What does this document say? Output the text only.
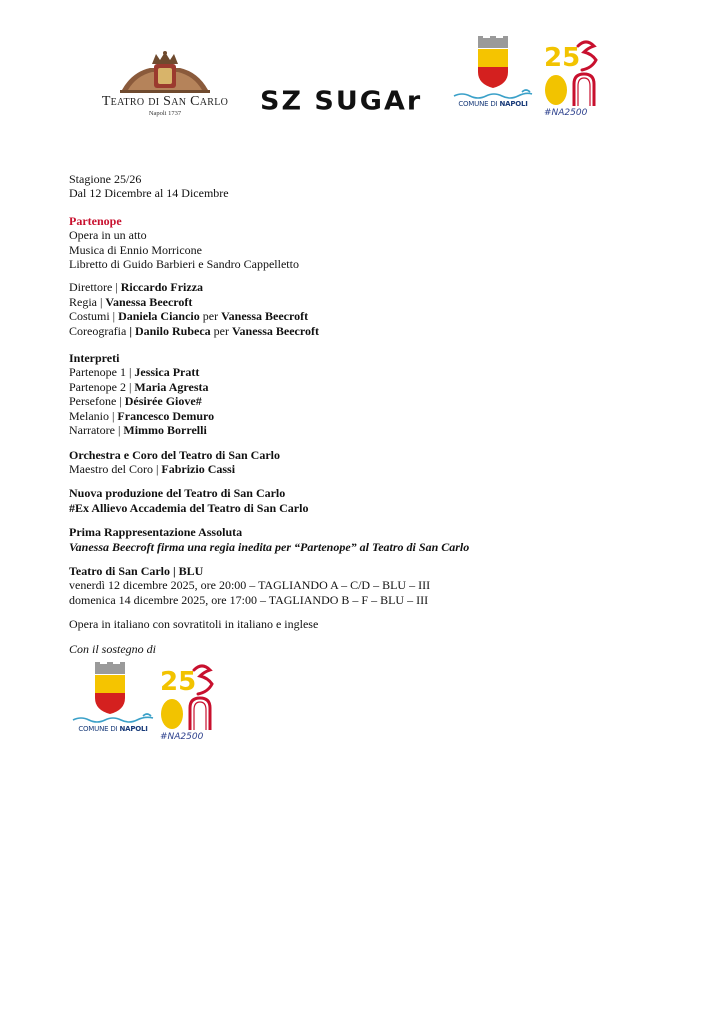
Teatro di San Carlo
Napoli 1737	SZ SUGAr	COMUNE DI NAPOLI
25
#NA2500
Stagione 25/26
Dal 12 Dicembre al 14 Dicembre
Partenope
Opera in un atto
Musica di Ennio Morricone
Libretto di Guido Barbieri e Sandro Cappelletto
Direttore | Riccardo Frizza
Regia | Vanessa Beecroft
Costumi | Daniela Ciancio per Vanessa Beecroft
Coreografia | Danilo Rubeca per Vanessa Beecroft
Interpreti
Partenope 1 | Jessica Pratt
Partenope 2 | Maria Agresta
Persefone | Désirée Giove#
Melanio | Francesco Demuro
Narratore | Mimmo Borrelli
Orchestra e Coro del Teatro di San Carlo
Maestro del Coro | Fabrizio Cassi
Nuova produzione del Teatro di San Carlo
#Ex Allievo Accademia del Teatro di San Carlo
Prima Rappresentazione Assoluta
Vanessa Beecroft firma una regia inedita per “Partenope” al Teatro di San Carlo
Teatro di San Carlo | BLU
venerdì 12 dicembre 2025, ore 20:00 – TAGLIANDO A – C/D – BLU – III
domenica 14 dicembre 2025, ore 17:00 – TAGLIANDO B – F – BLU – III
Opera in italiano con sovratitoli in italiano e inglese
Con il sostegno di
COMUNE DI NAPOLI
25
#NA2500
